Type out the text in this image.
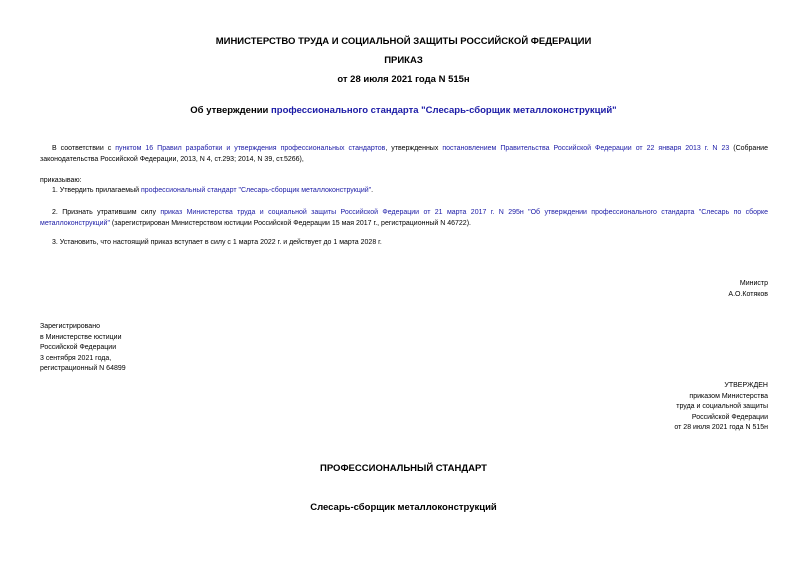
МИНИСТЕРСТВО ТРУДА И СОЦИАЛЬНОЙ ЗАЩИТЫ РОССИЙСКОЙ ФЕДЕРАЦИИ
ПРИКАЗ
от 28 июля 2021 года N 515н
Об утверждении профессионального стандарта "Слесарь-сборщик металлоконструкций"
В соответствии с пунктом 16 Правил разработки и утверждения профессиональных стандартов, утвержденных постановлением Правительства Российской Федерации от 22 января 2013 г. N 23 (Собрание законодательства Российской Федерации, 2013, N 4, ст.293; 2014, N 39, ст.5266),
приказываю:
1. Утвердить прилагаемый профессиональный стандарт "Слесарь-сборщик металлоконструкций".
2. Признать утратившим силу приказ Министерства труда и социальной защиты Российской Федерации от 21 марта 2017 г. N 295н "Об утверждении профессионального стандарта "Слесарь по сборке металлоконструкций" (зарегистрирован Министерством юстиции Российской Федерации 15 мая 2017 г., регистрационный N 46722).
3. Установить, что настоящий приказ вступает в силу с 1 марта 2022 г. и действует до 1 марта 2028 г.
Министр
А.О.Котяков
Зарегистрировано
в Министерстве юстиции
Российской Федерации
3 сентября 2021 года,
регистрационный N 64899
УТВЕРЖДЕН
приказом Министерства
труда и социальной защиты
Российской Федерации
от 28 июля 2021 года N 515н
ПРОФЕССИОНАЛЬНЫЙ СТАНДАРТ
Слесарь-сборщик металлоконструкций
